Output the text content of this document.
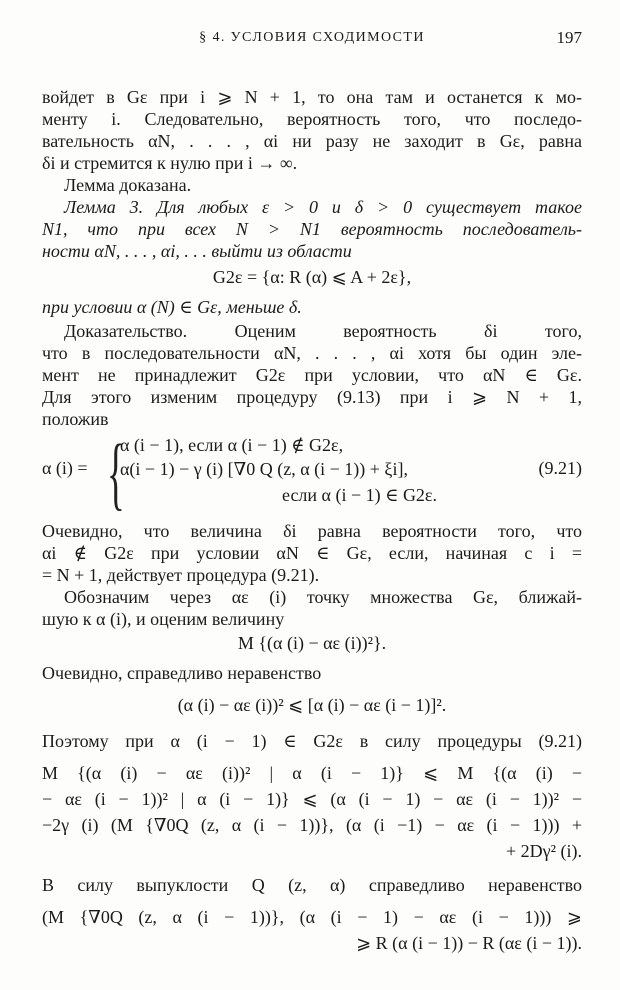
§ 4. УСЛОВИЯ СХОДИМОСТИ	197
войдет в Gε при i ⩾ N + 1, то она там и останется к мо-
менту i. Следовательно, вероятность того, что последо-
вательность αN, . . . , αi ни разу не заходит в Gε, равна
δi и стремится к нулю при i → ∞.
Лемма доказана.
Лемма 3. Для любых ε > 0 и δ > 0 существует такое
N1, что при всех N > N1 вероятность последователь-
ности αN, . . . , αi, . . . выйти из области
G2ε = {α: R (α) ⩽ A + 2ε},
при условии α (N) ∈ Gε, меньше δ.
Доказательство. Оценим вероятность δi того,
что в последовательности αN, . . . , αi хотя бы один эле-
мент не принадлежит G2ε при условии, что αN ∈ Gε.
Для этого изменим процедуру (9.13) при i ⩾ N + 1,
положив
α (i) = {
α (i − 1), если α (i − 1) ∉ G2ε,
α(i − 1) − γ (i) [∇0 Q (z, α (i − 1)) + ξi],
если α (i − 1) ∈ G2ε.
(9.21)
Очевидно, что величина δi равна вероятности того, что
αi ∉ G2ε при условии αN ∈ Gε, если, начиная с i =
= N + 1, действует процедура (9.21).
Обозначим через αε (i) точку множества Gε, ближай-
шую к α (i), и оценим величину
M {(α (i) − αε (i))²}.
Очевидно, справедливо неравенство
(α (i) − αε (i))² ⩽ [α (i) − αε (i − 1)]².
Поэтому при α (i − 1) ∈ G2ε в силу процедуры (9.21)
M {(α (i) − αε (i))² | α (i − 1)} ⩽ M {(α (i) −
− αε (i − 1))² | α (i − 1)} ⩽ (α (i − 1) − αε (i − 1))² −
−2γ (i) (M {∇0Q (z, α (i − 1))}, (α (i −1) − αε (i − 1))) +
+ 2Dγ² (i).
В силу выпуклости Q (z, α) справедливо неравенство
(M {∇0Q (z, α (i − 1))}, (α (i − 1) − αε (i − 1))) ⩾
⩾ R (α (i − 1)) − R (αε (i − 1)).
